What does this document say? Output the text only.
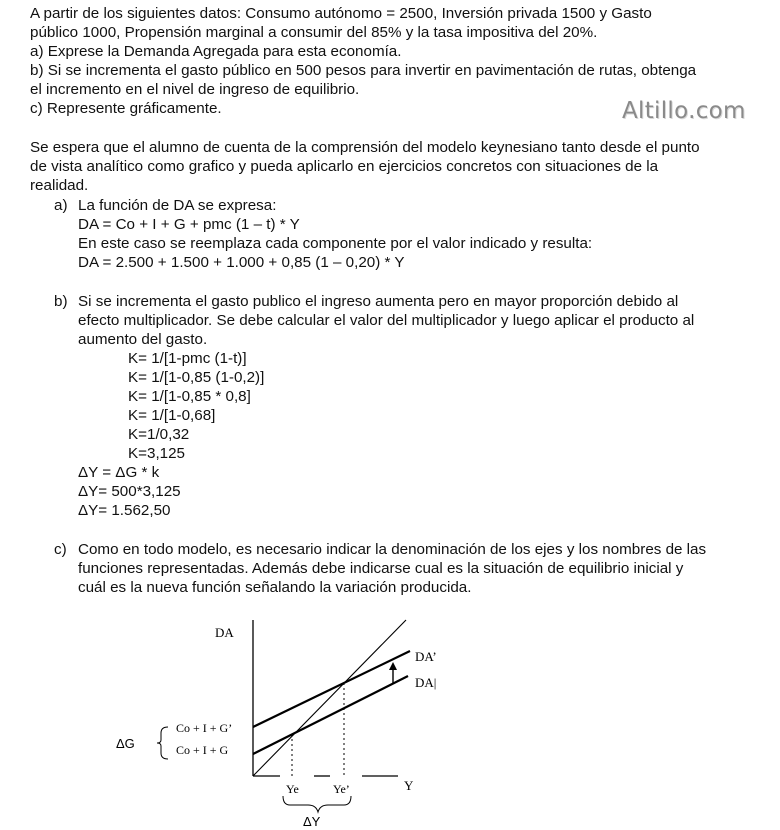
A partir de los siguientes datos: Consumo autónomo = 2500, Inversión privada 1500 y Gasto
público 1000, Propensión marginal a consumir del 85% y la tasa impositiva del 20%.
a) Exprese la Demanda Agregada para esta economía.
b) Si se incrementa el gasto público en 500 pesos para invertir en pavimentación de rutas, obtenga
el incremento en el nivel de ingreso de equilibrio.
c) Represente gráficamente.	Altillo.com
Se espera que el alumno de cuenta de la comprensión del modelo keynesiano tanto desde el punto
de vista analítico como grafico y pueda aplicarlo en ejercicios concretos con situaciones de la
realidad.
a) La función de DA se expresa:
DA = Co + I + G + pmc (1 – t) * Y
En este caso se reemplaza cada componente por el valor indicado y resulta:
DA = 2.500 + 1.500 + 1.000 + 0,85 (1 – 0,20) * Y
b) Si se incrementa el gasto publico el ingreso aumenta pero en mayor proporción debido al
efecto multiplicador. Se debe calcular el valor del multiplicador y luego aplicar el producto al
aumento del gasto.
K= 1/[1-pmc (1-t)]
K= 1/[1-0,85 (1-0,2)]
K= 1/[1-0,85 * 0,8]
K= 1/[1-0,68]
K=1/0,32
K=3,125
ΔY = ΔG * k
ΔY= 500*3,125
ΔY= 1.562,50
c) Como en todo modelo, es necesario indicar la denominación de los ejes y los nombres de las
funciones representadas. Además debe indicarse cual es la situación de equilibrio inicial y
cuál es la nueva función señalando la variación producida.
DA
Y
DA’
DA|
Co + I + G’
Co + I + G
ΔG
Ye	Ye’
ΔY
